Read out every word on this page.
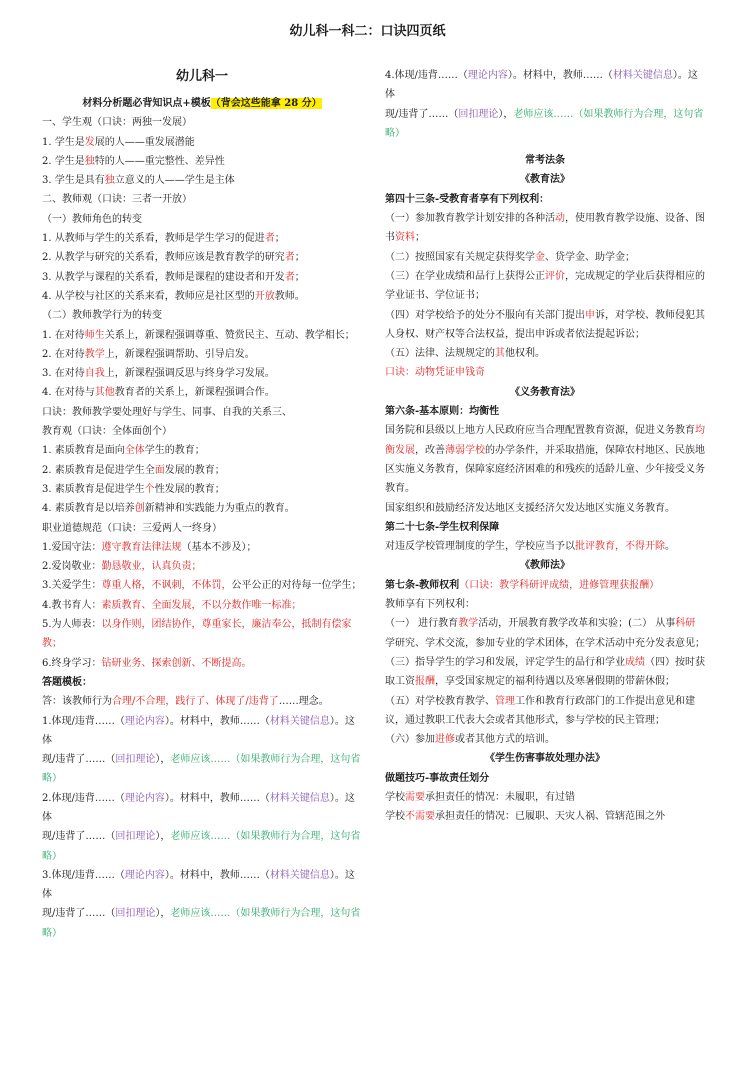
幼儿科一科二：口诀四页纸
幼儿科一
材料分析题必背知识点+模板（背会这些能拿 28 分）
一、学生观（口诀：两独一发展）
1. 学生是发展的人——重发展潜能
2. 学生是独特的人——重完整性、差异性
3. 学生是具有独立意义的人——学生是主体
二、教师观（口诀：三者一开放）
（一）教师角色的转变
1. 从教师与学生的关系看，教师是学生学习的促进者；
2. 从教学与研究的关系看，教师应该是教育教学的研究者；
3. 从教学与课程的关系看，教师是课程的建设者和开发者；
4. 从学校与社区的关系来看，教师应是社区型的开放教师。
（二）教师教学行为的转变
1. 在对待师生关系上，新课程强调尊重、赞赏民主、互动、教学相长；
2. 在对待教学上，新课程强调帮助、引导启发。
3. 在对待自我上，新课程强调反思与终身学习发展。
4. 在对待与其他教育者的关系上，新课程强调合作。
口诀：教师教学要处理好与学生、同事、自我的关系三、
教育观（口诀：全体面创个）
1. 素质教育是面向全体学生的教育；
2. 素质教育是促进学生全面发展的教育；
3. 素质教育是促进学生个性发展的教育；
4. 素质教育是以培养创新精神和实践能力为重点的教育。
职业道德规范（口诀：三爱两人一终身）
1.爱国守法：遵守教育法律法规（基本不涉及）；
2.爱岗敬业：勤恳敬业，认真负责；
3.关爱学生：尊重人格，不讽刺，不体罚，公平公正的对待每一位学生；
4.教书育人：素质教育、全面发展，不以分数作唯一标准；
5.为人师表：以身作则，团结协作，尊重家长，廉洁奉公，抵制有偿家教；
6.终身学习：钻研业务、探索创新、不断提高。
答题模板：
答：该教师行为合理/不合理，践行了、体现了/违背了……理念。
1.体现/违背……（理论内容）。材料中，教师……（材料关键信息）。这体
现/违背了……（回扣理论），老师应该……（如果教师行为合理，这句省略）
2.体现/违背……（理论内容）。材料中，教师……（材料关键信息）。这体
现/违背了……（回扣理论），老师应该……（如果教师行为合理，这句省略）
3.体现/违背……（理论内容）。材料中，教师……（材料关键信息）。这体
现/违背了……（回扣理论），老师应该……（如果教师行为合理，这句省略）
4.体现/违背……（理论内容）。材料中，教师……（材料关键信息）。这体
现/违背了……（回扣理论），老师应该……（如果教师行为合理，这句省略）
常考法条
《教育法》
第四十三条-受教育者享有下列权利：
（一）参加教育教学计划安排的各种活动，使用教育教学设施、设备、图书资料；
（二）按照国家有关规定获得奖学金、贷学金、助学金；
（三）在学业成绩和品行上获得公正评价，完成规定的学业后获得相应的学业证书、学位证书；
（四）对学校给予的处分不服向有关部门提出申诉，对学校、教师侵犯其人身权、财产权等合法权益，提出申诉或者依法提起诉讼；
（五）法律、法规规定的其他权利。
口诀：动物凭证申钱奇
《义务教育法》
第六条-基本原则：均衡性
国务院和县级以上地方人民政府应当合理配置教育资源，促进义务教育均衡发展，改善薄弱学校的办学条件，并采取措施，保障农村地区、民族地区实施义务教育，保障家庭经济困难的和残疾的适龄儿童、少年接受义务教育。
国家组织和鼓励经济发达地区支援经济欠发达地区实施义务教育。
第二十七条-学生权利保障
对违反学校管理制度的学生，学校应当予以批评教育，不得开除。
《教师法》
第七条-教师权利（口诀：教学科研评成绩，进修管理获报酬）
教师享有下列权利：
（一） 进行教育教学活动，开展教育教学改革和实验；(二） 从事科研学研究、学术交流，参加专业的学术团体，在学术活动中充分发表意见；
（三）指导学生的学习和发展，评定学生的品行和学业成绩（四）按时获取工资报酬，享受国家规定的福利待遇以及寒暑假期的带薪休假；
（五）对学校教育教学、管理工作和教育行政部门的工作提出意见和建议，通过教职工代表大会或者其他形式，参与学校的民主管理；
（六）参加进修或者其他方式的培训。
《学生伤害事故处理办法》
做题技巧-事故责任划分
学校需要承担责任的情况：未履职，有过错
学校不需要承担责任的情况：已履职、天灾人祸、管辖范围之外
